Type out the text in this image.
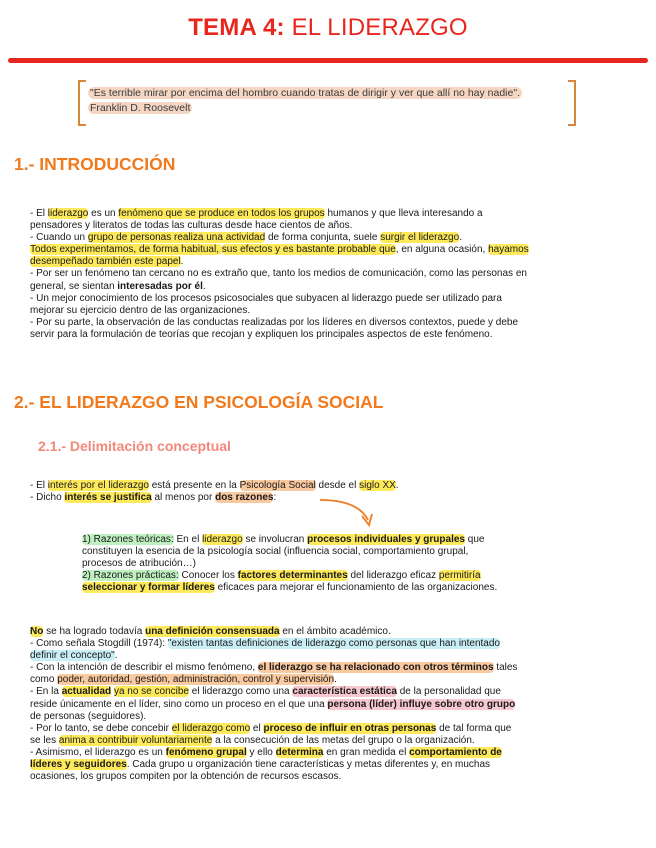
TEMA 4: EL LIDERAZGO
"Es terrible mirar por encima del hombro cuando tratas de dirigir y ver que allí no hay nadie".
Franklin D. Roosevelt
1.- INTRODUCCIÓN

- El liderazgo es un fenómeno que se produce en todos los grupos humanos y que lleva interesando a

pensadores y literatos de todas las culturas desde hace cientos de años.

- Cuando un grupo de personas realiza una actividad de forma conjunta, suele surgir el liderazgo.

Todos experimentamos, de forma habitual, sus efectos y es bastante probable que, en alguna ocasión, hayamos

desempeñado también este papel.

- Por ser un fenómeno tan cercano no es extraño que, tanto los medios de comunicación, como las personas en

general, se sientan interesadas por él.

- Un mejor conocimiento de los procesos psicosociales que subyacen al liderazgo puede ser utilizado para

mejorar su ejercicio dentro de las organizaciones.

- Por su parte, la observación de las conductas realizadas por los líderes en diversos contextos, puede y debe

servir para la formulación de teorías que recojan y expliquen los principales aspectos de este fenómeno.

2.- EL LIDERAZGO EN PSICOLOGÍA SOCIAL
2.1.- Delimitación conceptual

- El interés por el liderazgo está presente en la Psicología Social desde el siglo XX.

- Dicho interés se justifica al menos por dos razones:

1) Razones teóricas: En el liderazgo se involucran procesos individuales y grupales que

constituyen la esencia de la psicología social (influencia social, comportamiento grupal,

procesos de atribución…)

2) Razones prácticas: Conocer los factores determinantes del liderazgo eficaz permitiría

seleccionar y formar líderes eficaces para mejorar el funcionamiento de las organizaciones.

No se ha logrado todavía una definición consensuada en el ámbito académico.

- Como señala Stogdill (1974): "existen tantas definiciones de liderazgo como personas que han intentado

definir el concepto".

- Con la intención de describir el mismo fenómeno, el liderazgo se ha relacionado con otros términos tales

como poder, autoridad, gestión, administración, control y supervisión.

- En la actualidad ya no se concibe el liderazgo como una característica estática de la personalidad que

reside únicamente en el líder, sino como un proceso en el que una persona (líder) influye sobre otro grupo

de personas (seguidores).

- Por lo tanto, se debe concebir el liderazgo como el proceso de influir en otras personas de tal forma que

se les anima a contribuir voluntariamente a la consecución de las metas del grupo o la organización.

- Asimismo, el liderazgo es un fenómeno grupal y ello determina en gran medida el comportamiento de

líderes y seguidores. Cada grupo u organización tiene características y metas diferentes y, en muchas

ocasiones, los grupos compiten por la obtención de recursos escasos.
